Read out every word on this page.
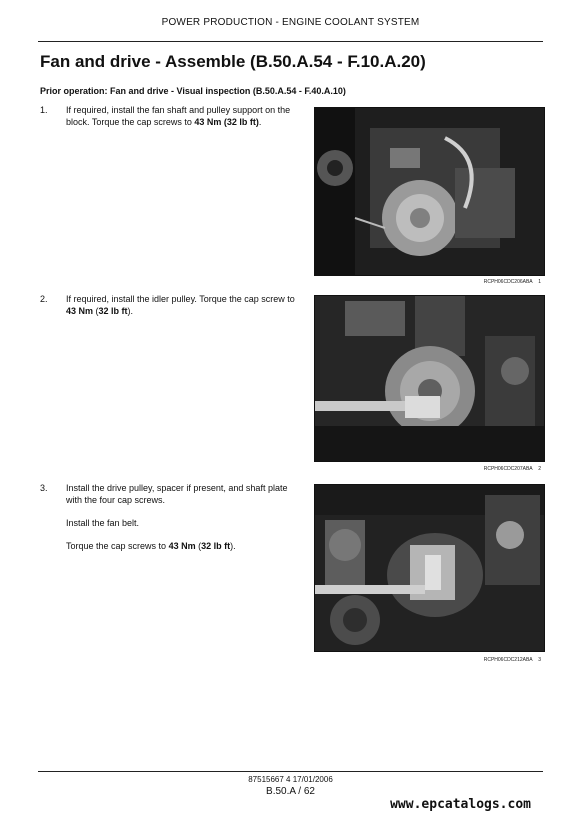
POWER PRODUCTION - ENGINE COOLANT SYSTEM
Fan and drive - Assemble (B.50.A.54 - F.10.A.20)
Prior operation: Fan and drive - Visual inspection (B.50.A.54 - F.40.A.10)
1. If required, install the fan shaft and pulley support on the block. Torque the cap screws to 43 Nm (32 lb ft).
RCPH06CDC206ABA 1
2. If required, install the idler pulley. Torque the cap screw to 43 Nm (32 lb ft).
RCPH06CDC207ABA 2
3. Install the drive pulley, spacer if present, and shaft plate with the four cap screws.

Install the fan belt.

Torque the cap screws to 43 Nm (32 lb ft).

RCPH06CDC212ABA 3
87515667 4 17/01/2006
B.50.A / 62
www.epcatalogs.com
